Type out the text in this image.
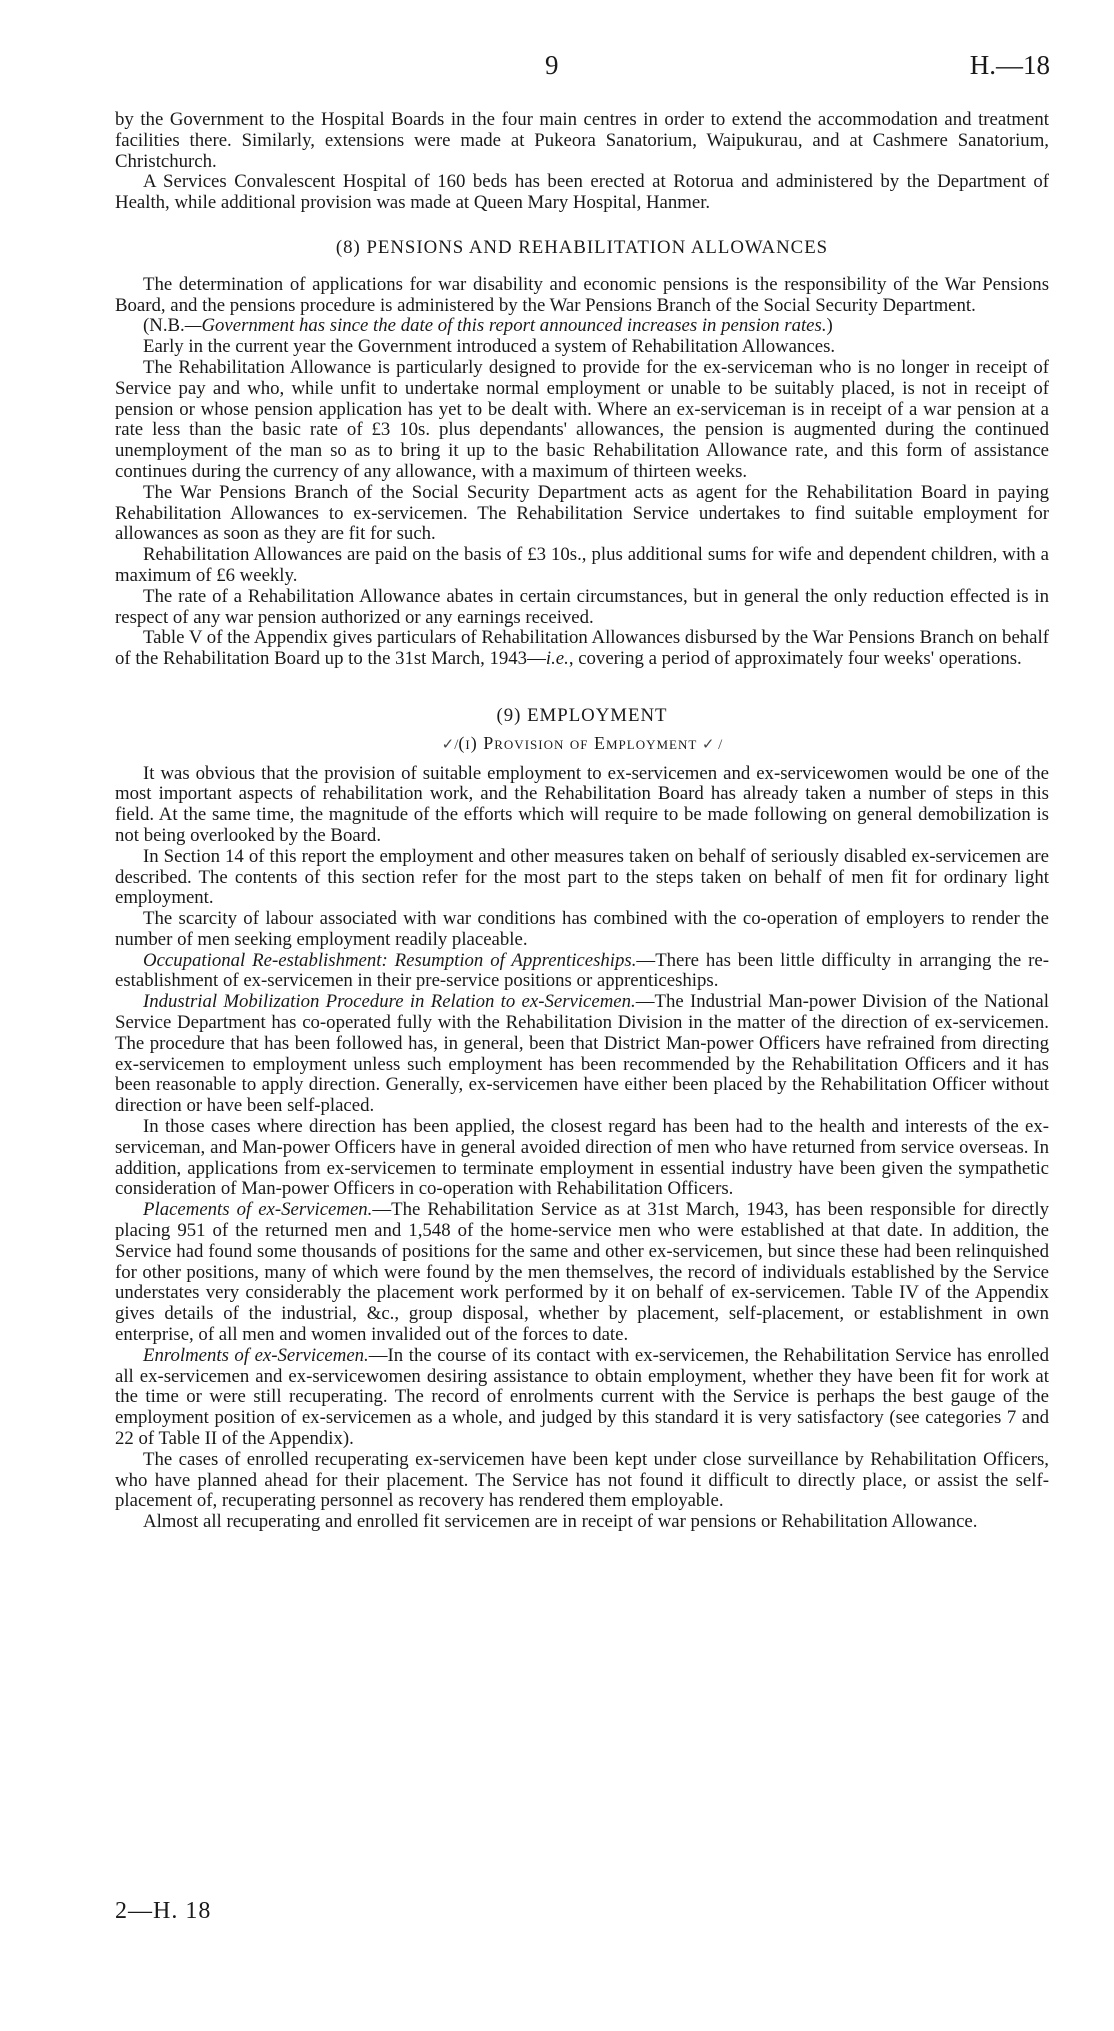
9	H.—18

by the Government to the Hospital Boards in the four main centres in order to extend the accommodation and treatment facilities there. Similarly, extensions were made at Pukeora Sanatorium, Waipukurau, and at Cashmere Sanatorium, Christchurch.

A Services Convalescent Hospital of 160 beds has been erected at Rotorua and administered by the Department of Health, while additional provision was made at Queen Mary Hospital, Hanmer.

(8) PENSIONS AND REHABILITATION ALLOWANCES

The determination of applications for war disability and economic pensions is the responsibility of the War Pensions Board, and the pensions procedure is administered by the War Pensions Branch of the Social Security Department.

(N.B.—Government has since the date of this report announced increases in pension rates.)

Early in the current year the Government introduced a system of Rehabilitation Allowances.

The Rehabilitation Allowance is particularly designed to provide for the ex-serviceman who is no longer in receipt of Service pay and who, while unfit to undertake normal employment or unable to be suitably placed, is not in receipt of pension or whose pension application has yet to be dealt with. Where an ex-serviceman is in receipt of a war pension at a rate less than the basic rate of £3 10s. plus dependants' allowances, the pension is augmented during the continued unemployment of the man so as to bring it up to the basic Rehabilitation Allowance rate, and this form of assistance continues during the currency of any allowance, with a maximum of thirteen weeks.

The War Pensions Branch of the Social Security Department acts as agent for the Rehabilitation Board in paying Rehabilitation Allowances to ex-servicemen. The Rehabilitation Service undertakes to find suitable employment for allowances as soon as they are fit for such.

Rehabilitation Allowances are paid on the basis of £3 10s., plus additional sums for wife and dependent children, with a maximum of £6 weekly.

The rate of a Rehabilitation Allowance abates in certain circumstances, but in general the only reduction effected is in respect of any war pension authorized or any earnings received.

Table V of the Appendix gives particulars of Rehabilitation Allowances disbursed by the War Pensions Branch on behalf of the Rehabilitation Board up to the 31st March, 1943—i.e., covering a period of approximately four weeks' operations.

(9) EMPLOYMENT

✓/(i) Provision of Employment ✓ /

It was obvious that the provision of suitable employment to ex-servicemen and ex-servicewomen would be one of the most important aspects of rehabilitation work, and the Rehabilitation Board has already taken a number of steps in this field. At the same time, the magnitude of the efforts which will require to be made following on general demobilization is not being overlooked by the Board.

In Section 14 of this report the employment and other measures taken on behalf of seriously disabled ex-servicemen are described. The contents of this section refer for the most part to the steps taken on behalf of men fit for ordinary light employment.

The scarcity of labour associated with war conditions has combined with the co-operation of employers to render the number of men seeking employment readily placeable.

Occupational Re-establishment: Resumption of Apprenticeships.—There has been little difficulty in arranging the re-establishment of ex-servicemen in their pre-service positions or apprenticeships.

Industrial Mobilization Procedure in Relation to ex-Servicemen.—The Industrial Man-power Division of the National Service Department has co-operated fully with the Rehabilitation Division in the matter of the direction of ex-servicemen. The procedure that has been followed has, in general, been that District Man-power Officers have refrained from directing ex-servicemen to employment unless such employment has been recommended by the Rehabilitation Officers and it has been reasonable to apply direction. Generally, ex-servicemen have either been placed by the Rehabilitation Officer without direction or have been self-placed.

In those cases where direction has been applied, the closest regard has been had to the health and interests of the ex-serviceman, and Man-power Officers have in general avoided direction of men who have returned from service overseas. In addition, applications from ex-servicemen to terminate employment in essential industry have been given the sympathetic consideration of Man-power Officers in co-operation with Rehabilitation Officers.

Placements of ex-Servicemen.—The Rehabilitation Service as at 31st March, 1943, has been responsible for directly placing 951 of the returned men and 1,548 of the home-service men who were established at that date. In addition, the Service had found some thousands of positions for the same and other ex-servicemen, but since these had been relinquished for other positions, many of which were found by the men themselves, the record of individuals established by the Service understates very considerably the placement work performed by it on behalf of ex-servicemen. Table IV of the Appendix gives details of the industrial, &c., group disposal, whether by placement, self-placement, or establishment in own enterprise, of all men and women invalided out of the forces to date.

Enrolments of ex-Servicemen.—In the course of its contact with ex-servicemen, the Rehabilitation Service has enrolled all ex-servicemen and ex-servicewomen desiring assistance to obtain employment, whether they have been fit for work at the time or were still recuperating. The record of enrolments current with the Service is perhaps the best gauge of the employment position of ex-servicemen as a whole, and judged by this standard it is very satisfactory (see categories 7 and 22 of Table II of the Appendix).

The cases of enrolled recuperating ex-servicemen have been kept under close surveillance by Rehabilitation Officers, who have planned ahead for their placement. The Service has not found it difficult to directly place, or assist the self-placement of, recuperating personnel as recovery has rendered them employable.

Almost all recuperating and enrolled fit servicemen are in receipt of war pensions or Rehabilitation Allowance.

2—H. 18
